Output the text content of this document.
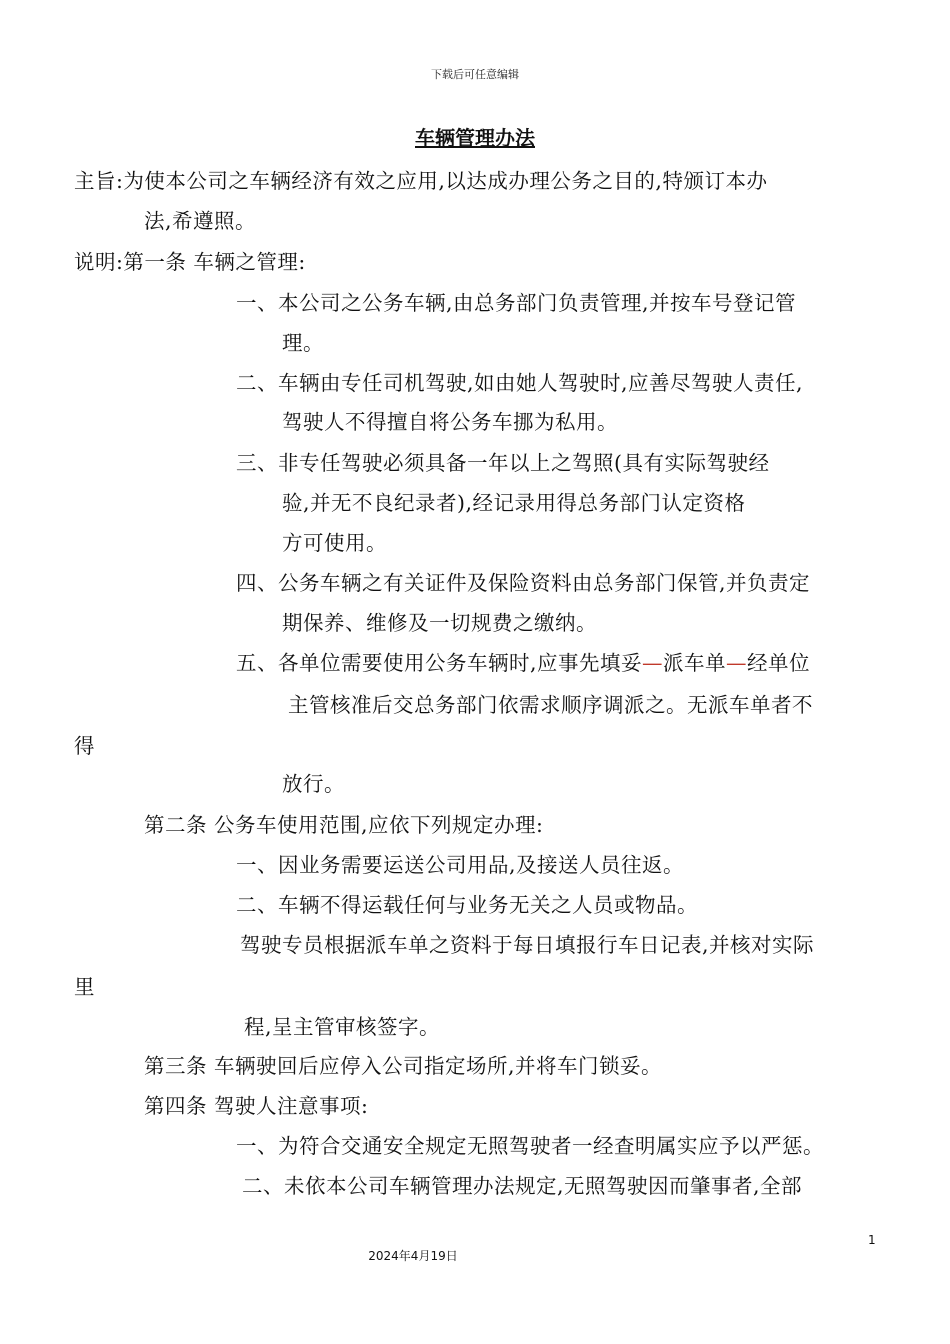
下载后可任意编辑
车辆管理办法
主旨:为使本公司之车辆经济有效之应用,以达成办理公务之目的,特颁订本办
法,希遵照。
说明:第一条 车辆之管理:
一、本公司之公务车辆,由总务部门负责管理,并按车号登记管
理。
二、车辆由专任司机驾驶,如由她人驾驶时,应善尽驾驶人责任,
驾驶人不得擅自将公务车挪为私用。
三、非专任驾驶必须具备一年以上之驾照(具有实际驾驶经
验,并无不良纪录者),经记录用得总务部门认定资格
方可使用。
四、公务车辆之有关证件及保险资料由总务部门保管,并负责定
期保养、维修及一切规费之缴纳。
五、各单位需要使用公务车辆时,应事先填妥—派车单—经单位
主管核准后交总务部门依需求顺序调派之。无派车单者不
得
放行。
第二条 公务车使用范围,应依下列规定办理:
一、因业务需要运送公司用品,及接送人员往返。
二、车辆不得运载任何与业务无关之人员或物品。
驾驶专员根据派车单之资料于每日填报行车日记表,并核对实际
里
程,呈主管审核签字。
第三条 车辆驶回后应停入公司指定场所,并将车门锁妥。
第四条 驾驶人注意事项:
一、为符合交通安全规定无照驾驶者一经查明属实应予以严惩。
二、未依本公司车辆管理办法规定,无照驾驶因而肇事者,全部
1
2024年4月19日
